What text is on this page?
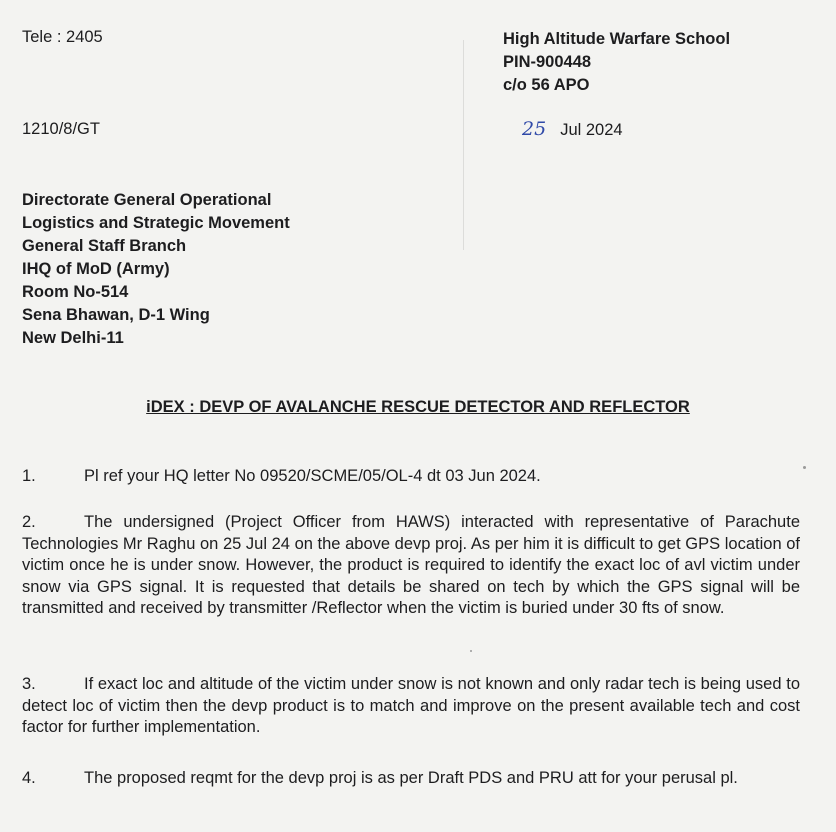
Tele : 2405	High Altitude Warfare School
PIN-900448
c/o 56 APO
1210/8/GT	25 Jul 2024
Directorate General Operational
Logistics and Strategic Movement
General Staff Branch
IHQ of MoD (Army)
Room No-514
Sena Bhawan, D-1 Wing
New Delhi-11
iDEX : DEVP OF AVALANCHE RESCUE DETECTOR AND REFLECTOR
1.	Pl ref your HQ letter No 09520/SCME/05/OL-4 dt 03 Jun 2024.
2.	The undersigned (Project Officer from HAWS) interacted with representative of Parachute Technologies Mr Raghu on 25 Jul 24 on the above devp proj. As per him it is difficult to get GPS location of victim once he is under snow. However, the product is required to identify the exact loc of avl victim under snow via GPS signal. It is requested that details be shared on tech by which the GPS signal will be transmitted and received by transmitter /Reflector when the victim is buried under 30 fts of snow.
3.	If exact loc and altitude of the victim under snow is not known and only radar tech is being used to detect loc of victim then the devp product is to match and improve on the present available tech and cost factor for further implementation.
4.	The proposed reqmt for the devp proj is as per Draft PDS and PRU att for your perusal pl.
